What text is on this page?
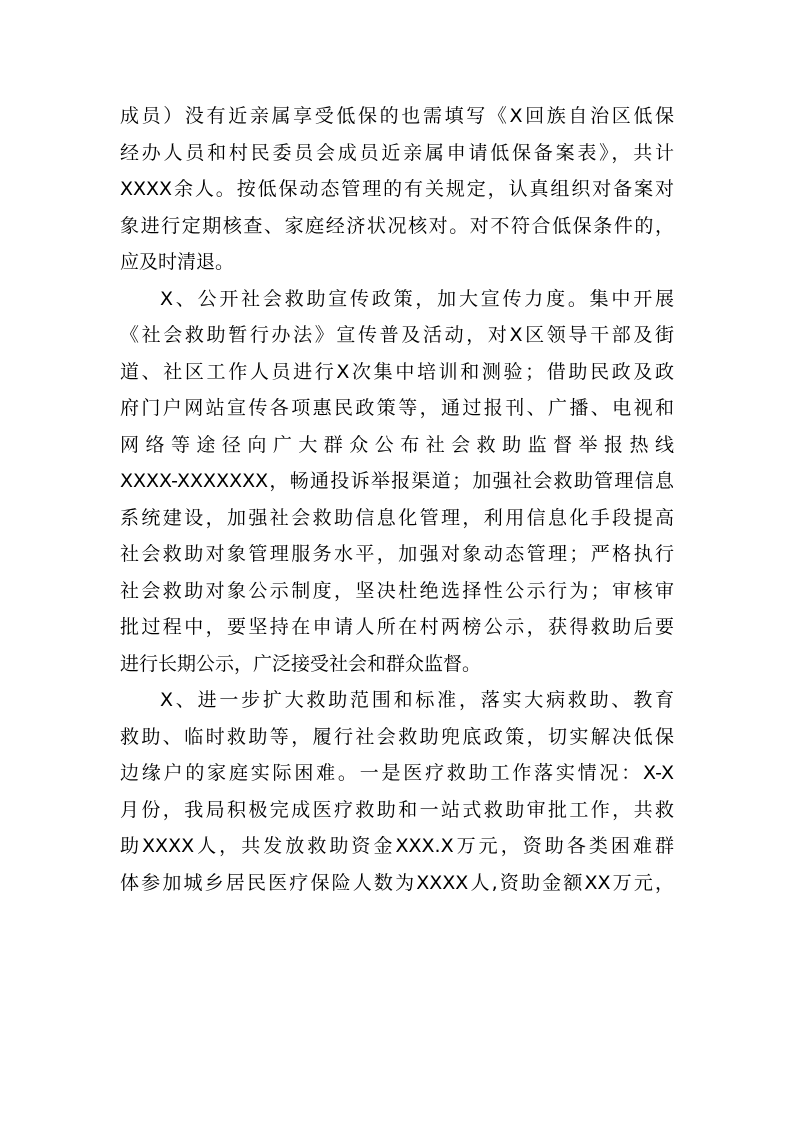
成员）没有近亲属享受低保的也需填写《X回族自治区低保
经办人员和村民委员会成员近亲属申请低保备案表》，共计
XXXX余人。按低保动态管理的有关规定，认真组织对备案对
象进行定期核查、家庭经济状况核对。对不符合低保条件的，
应及时清退。
X、公开社会救助宣传政策，加大宣传力度。集中开展
《社会救助暂行办法》宣传普及活动，对X区领导干部及街
道、社区工作人员进行X次集中培训和测验；借助民政及政
府门户网站宣传各项惠民政策等，通过报刊、广播、电视和
网络等途径向广大群众公布社会救助监督举报热线
XXXX-XXXXXXX，畅通投诉举报渠道；加强社会救助管理信息
系统建设，加强社会救助信息化管理，利用信息化手段提高
社会救助对象管理服务水平，加强对象动态管理；严格执行
社会救助对象公示制度，坚决杜绝选择性公示行为；审核审
批过程中，要坚持在申请人所在村两榜公示，获得救助后要
进行长期公示，广泛接受社会和群众监督。
X、进一步扩大救助范围和标准，落实大病救助、教育
救助、临时救助等，履行社会救助兜底政策，切实解决低保
边缘户的家庭实际困难。一是医疗救助工作落实情况：X-X
月份，我局积极完成医疗救助和一站式救助审批工作，共救
助XXXX人，共发放救助资金XXX.X万元，资助各类困难群
体参加城乡居民医疗保险人数为XXXX人,资助金额XX万元，
